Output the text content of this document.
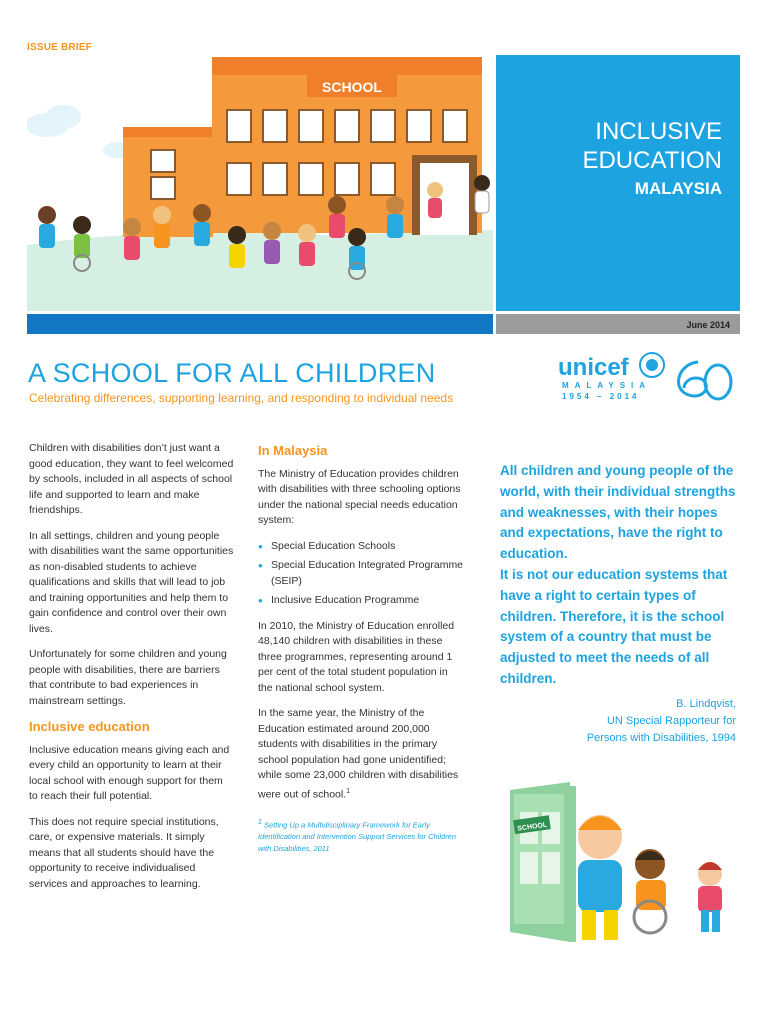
ISSUE BRIEF
SCHOOL
INCLUSIVE
EDUCATION
MALAYSIA
June 2014
A SCHOOL FOR ALL CHILDREN
Celebrating differences, supporting learning, and responding to individual needs
unicef
MALAYSIA
1954 – 2014

Children with disabilities don’t just want a good education, they want to feel welcomed by schools, included in all aspects of school life and supported to learn and make friendships.

In all settings, children and young people with disabilities want the same opportunities as non-disabled students to achieve qualifications and skills that will lead to job and training opportunities and help them to gain confidence and control over their own lives.

Unfortunately for some children and young people with disabilities, there are barriers that contribute to bad experiences in mainstream settings.

Inclusive education

Inclusive education means giving each and every child an opportunity to learn at their local school with enough support for them to reach their full potential.

This does not require special institutions, care, or expensive materials. It simply means that all students should have the opportunity to receive individualised services and approaches to learning.

In Malaysia

The Ministry of Education provides children with disabilities with three schooling options under the national special needs education system:

● Special Education Schools
● Special Education Integrated Programme (SEIP)
● Inclusive Education Programme

In 2010, the Ministry of Education enrolled 48,140 children with disabilities in these three programmes, representing around 1 per cent of the total student population in the national school system.

In the same year, the Ministry of the Education estimated around 200,000 students with disabilities in the primary school population had gone unidentified; while some 23,000 children with disabilities were out of school.$^1$

1 Setting Up a Multidisciplinary Framework for Early Identification and Intervention Support Services for Children with Disabilities, 2011
All children and young people of the world, with their individual strengths and weaknesses, with their hopes and expectations, have the right to education.
It is not our education systems that have a right to certain types of children. Therefore, it is the school system of a country that must be adjusted to meet the needs of all children.
B. Lindqvist,
UN Special Rapporteur for
Persons with Disabilities, 1994
SCHOOL
